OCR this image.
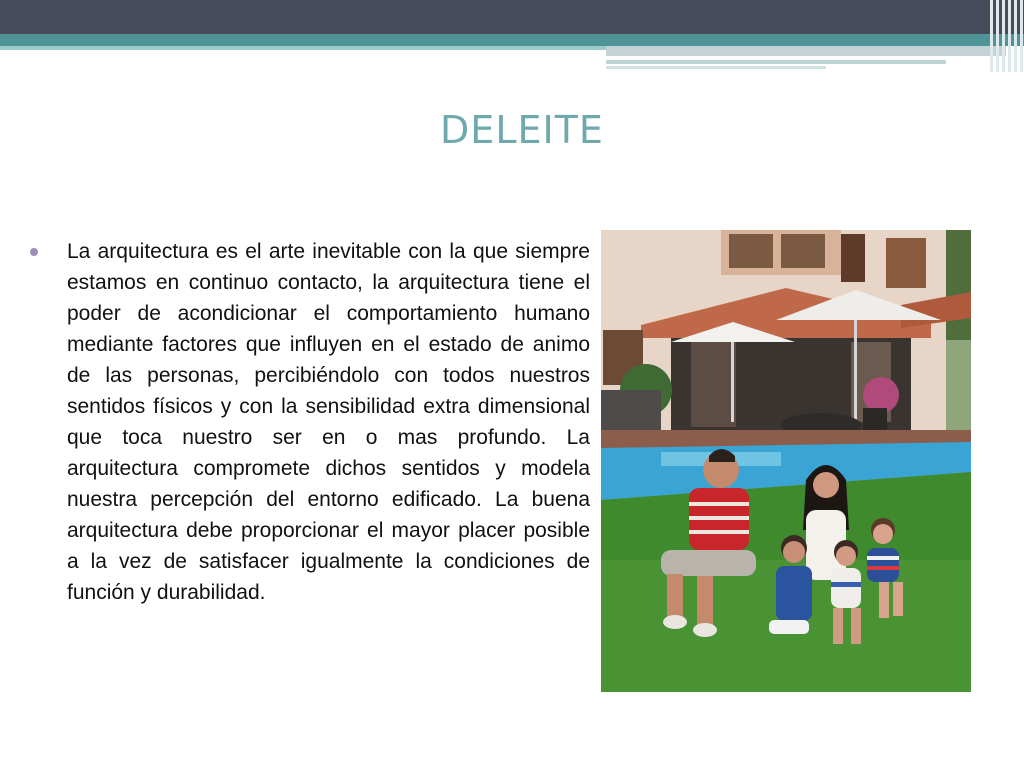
DELEITE
La arquitectura es el arte inevitable con la que siempre estamos en continuo contacto, la arquitectura tiene el poder de acondicionar el comportamiento humano mediante factores que influyen en el estado de animo de las personas, percibiéndolo con todos nuestros sentidos físicos y con la sensibilidad extra dimensional que toca nuestro ser en o mas profundo. La arquitectura compromete dichos sentidos y modela nuestra percepción del entorno edificado. La buena arquitectura debe proporcionar el mayor placer posible a la vez de satisfacer igualmente la condiciones de función y durabilidad.
